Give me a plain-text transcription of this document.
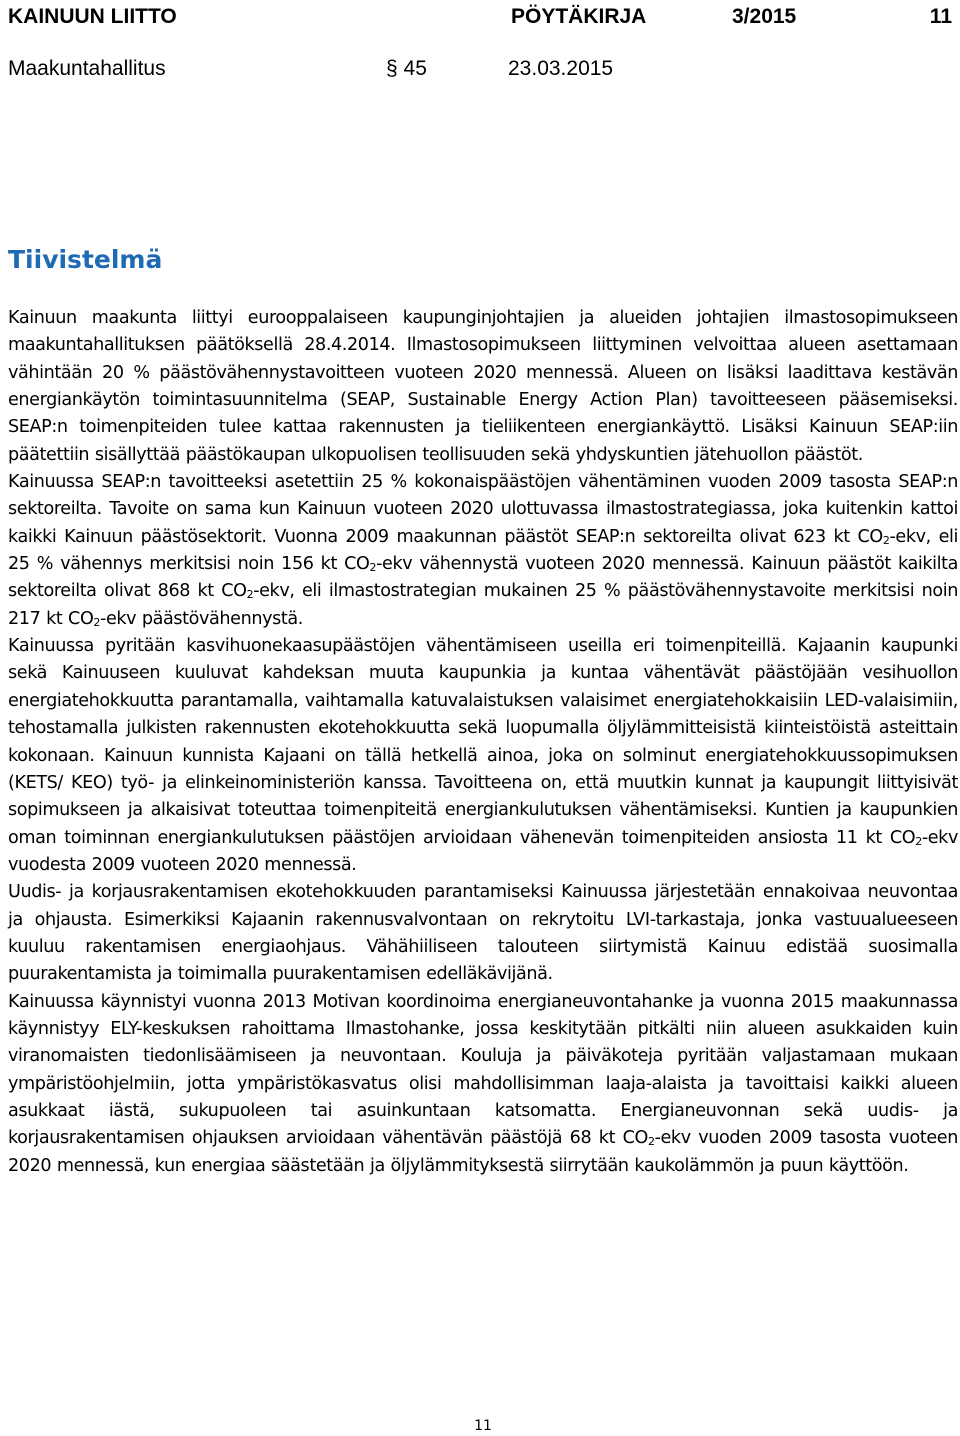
KAINUUN LIITTO	PÖYTÄKIRJA	3/2015	11
Maakuntahallitus	§ 45	23.03.2015
Tiivistelmä

Kainuun maakunta liittyi eurooppalaiseen kaupunginjohtajien ja alueiden johtajien ilmastosopimukseen maakuntahallituksen päätöksellä 28.4.2014. Ilmastosopimukseen liittyminen velvoittaa alueen asettamaan vähintään 20 % päästövähennystavoitteen vuoteen 2020 mennessä. Alueen on lisäksi laadittava kestävän energiankäytön toimintasuunnitelma (SEAP, Sustainable Energy Action Plan) tavoitteeseen pääsemiseksi. SEAP:n toimenpiteiden tulee kattaa rakennusten ja tieliikenteen energiankäyttö. Lisäksi Kainuun SEAP:iin päätettiin sisällyttää päästökaupan ulkopuolisen teollisuuden sekä yhdyskuntien jätehuollon päästöt.

Kainuussa SEAP:n tavoitteeksi asetettiin 25 % kokonaispäästöjen vähentäminen vuoden 2009 tasosta SEAP:n sektoreilta. Tavoite on sama kun Kainuun vuoteen 2020 ulottuvassa ilmastostrategiassa, joka kuitenkin kattoi kaikki Kainuun päästösektorit. Vuonna 2009 maakunnan päästöt SEAP:n sektoreilta olivat 623 kt $CO_2$-ekv, eli 25 % vähennys merkitsisi noin 156 kt $CO_2$-ekv vähennystä vuoteen 2020 mennessä. Kainuun päästöt kaikilta sektoreilta olivat 868 kt $CO_2$-ekv, eli ilmastostrategian mukainen 25 % päästövähennystavoite merkitsisi noin 217 kt $CO_2$-ekv päästövähennystä.

Kainuussa pyritään kasvihuonekaasupäästöjen vähentämiseen useilla eri toimenpiteillä. Kajaanin kaupunki sekä Kainuuseen kuuluvat kahdeksan muuta kaupunkia ja kuntaa vähentävät päästöjään vesihuollon energiatehokkuutta parantamalla, vaihtamalla katuvalaistuksen valaisimet energiatehokkaisiin LED-valaisimiin, tehostamalla julkisten rakennusten ekotehokkuutta sekä luopumalla öljylämmitteisistä kiinteistöistä asteittain kokonaan. Kainuun kunnista Kajaani on tällä hetkellä ainoa, joka on solminut energiatehokkuussopimuksen (KETS/ KEO) työ- ja elinkeinoministeriön kanssa. Tavoitteena on, että muutkin kunnat ja kaupungit liittyisivät sopimukseen ja alkaisivat toteuttaa toimenpiteitä energiankulutuksen vähentämiseksi. Kuntien ja kaupunkien oman toiminnan energiankulutuksen päästöjen arvioidaan vähenevän toimenpiteiden ansiosta 11 kt $CO_2$-ekv vuodesta 2009 vuoteen 2020 mennessä.

Uudis- ja korjausrakentamisen ekotehokkuuden parantamiseksi Kainuussa järjestetään ennakoivaa neuvontaa ja ohjausta. Esimerkiksi Kajaanin rakennusvalvontaan on rekrytoitu LVI-tarkastaja, jonka vastuualueeseen kuuluu rakentamisen energiaohjaus. Vähähiiliseen talouteen siirtymistä Kainuu edistää suosimalla puurakentamista ja toimimalla puurakentamisen edelläkävijänä.

Kainuussa käynnistyi vuonna 2013 Motivan koordinoima energianeuvontahanke ja vuonna 2015 maakunnassa käynnistyy ELY-keskuksen rahoittama Ilmastohanke, jossa keskitytään pitkälti niin alueen asukkaiden kuin viranomaisten tiedonlisäämiseen ja neuvontaan. Kouluja ja päiväkoteja pyritään valjastamaan mukaan ympäristöohjelmiin, jotta ympäristökasvatus olisi mahdollisimman laaja-alaista ja tavoittaisi kaikki alueen asukkaat iästä, sukupuoleen tai asuinkuntaan katsomatta. Energianeuvonnan sekä uudis- ja korjausrakentamisen ohjauksen arvioidaan vähentävän päästöjä 68 kt $CO_2$-ekv vuoden 2009 tasosta vuoteen 2020 mennessä, kun energiaa säästetään ja öljylämmityksestä siirrytään kaukolämmön ja puun käyttöön.

11
